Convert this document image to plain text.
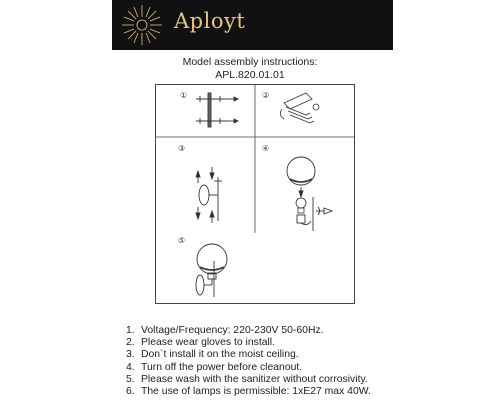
Aployt
Model assembly instructions:
APL.820.01.01
①	②
③	④
⑤
1. Voltage/Frequency: 220-230V 50-60Hz.
2. Please wear gloves to install.
3. Don`t install it on the moist ceiling.
4. Turn off the power before cleanout.
5. Please wash with the sanitizer without corrosivity.
6. The use of lamps is permissible: 1xE27 max 40W.
